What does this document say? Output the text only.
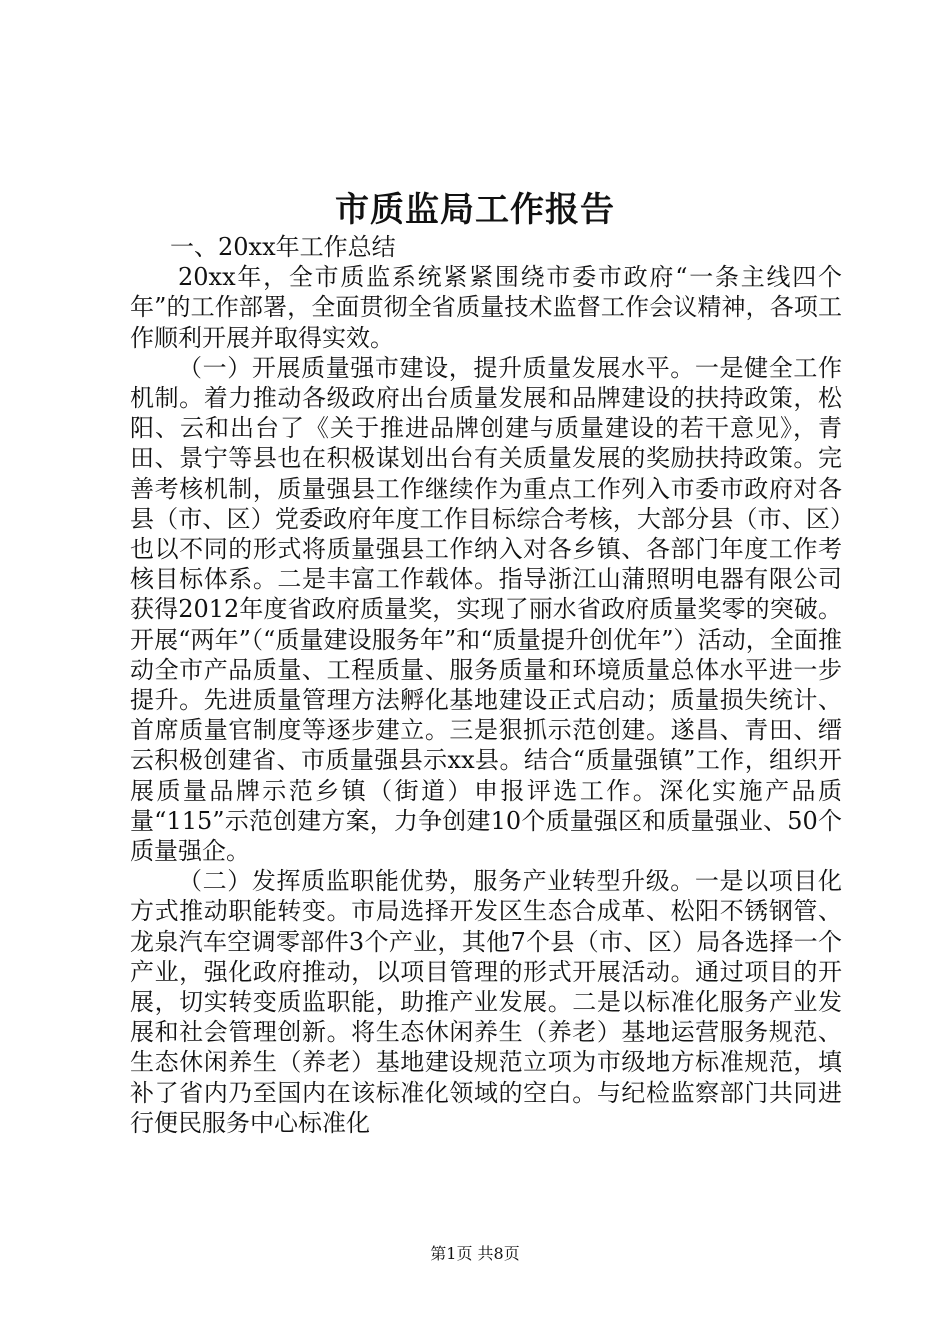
市质监局工作报告

一、20xx年工作总结

20xx年，全市质监系统紧紧围绕市委市政府“一条主线四个年”的工作部署，全面贯彻全省质量技术监督工作会议精神，各项工作顺利开展并取得实效。

（一）开展质量强市建设，提升质量发展水平。一是健全工作机制。着力推动各级政府出台质量发展和品牌建设的扶持政策，松阳、云和出台了《关于推进品牌创建与质量建设的若干意见》，青田、景宁等县也在积极谋划出台有关质量发展的奖励扶持政策。完善考核机制，质量强县工作继续作为重点工作列入市委市政府对各县（市、区）党委政府年度工作目标综合考核，大部分县（市、区）也以不同的形式将质量强县工作纳入对各乡镇、各部门年度工作考核目标体系。二是丰富工作载体。指导浙江山蒲照明电器有限公司获得2012年度省政府质量奖，实现了丽水省政府质量奖零的突破。开展“两年”（“质量建设服务年”和“质量提升创优年”）活动，全面推动全市产品质量、工程质量、服务质量和环境质量总体水平进一步提升。先进质量管理方法孵化基地建设正式启动；质量损失统计、首席质量官制度等逐步建立。三是狠抓示范创建。遂昌、青田、缙云积极创建省、市质量强县示xx县。结合“质量强镇”工作，组织开展质量品牌示范乡镇（街道）申报评选工作。深化实施产品质量“115”示范创建方案，力争创建10个质量强区和质量强业、50个质量强企。

（二）发挥质监职能优势，服务产业转型升级。一是以项目化方式推动职能转变。市局选择开发区生态合成革、松阳不锈钢管、龙泉汽车空调零部件3个产业，其他7个县（市、区）局各选择一个产业，强化政府推动，以项目管理的形式开展活动。通过项目的开展，切实转变质监职能，助推产业发展。二是以标准化服务产业发展和社会管理创新。将生态休闲养生（养老）基地运营服务规范、生态休闲养生（养老）基地建设规范立项为市级地方标准规范，填补了省内乃至国内在该标准化领域的空白。与纪检监察部门共同进行便民服务中心标准化

第1页 共8页
